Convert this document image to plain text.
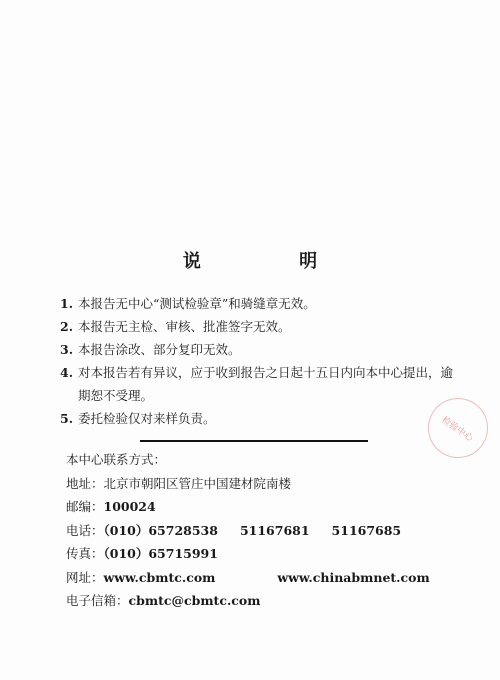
说 明
1. 本报告无中心“测试检验章”和骑缝章无效。
2. 本报告无主检、审核、批准签字无效。
3. 本报告涂改、部分复印无效。
4. 对本报告若有异议，应于收到报告之日起十五日内向本中心提出，逾期恕不受理。
5. 委托检验仅对来样负责。
本中心联系方式：
地址：北京市朝阳区管庄中国建材院南楼
邮编：100024
电话：（010）65728538 51167681 51167685
传真：（010）65715991
网址：www.cbmtc.com	www.chinabmnet.com
电子信箱：cbmtc@cbmtc.com
检验中心
